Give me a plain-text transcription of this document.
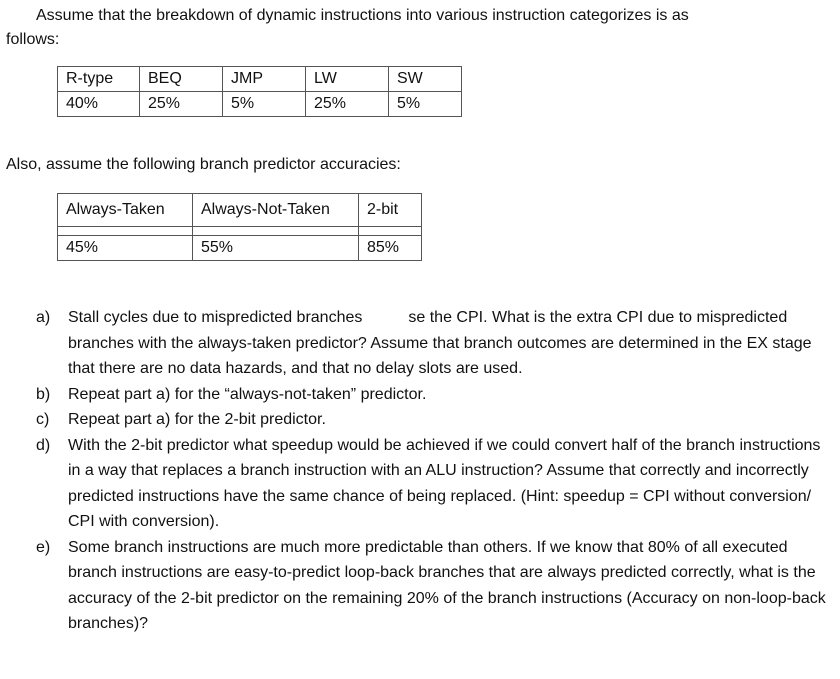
Assume that the breakdown of dynamic instructions into various instruction categorizes is as
follows:
R-type	BEQ	JMP	LW	SW
40%	25%	5%	25%	5%
Also, assume the following branch predictor accuracies:
Always-Taken	Always-Not-Taken	2-bit

45%	55%	85%
a)	Stall cycles due to mispredicted branches	se the CPI. What is the extra CPI due to mispredicted branches with the always-taken predictor? Assume that branch outcomes are determined in the EX stage that there are no data hazards, and that no delay slots are used.
b)	Repeat part a) for the “always-not-taken” predictor.
c)	Repeat part a) for the 2-bit predictor.
d)	With the 2-bit predictor what speedup would be achieved if we could convert half of the branch instructions in a way that replaces a branch instruction with an ALU instruction? Assume that correctly and incorrectly predicted instructions have the same chance of being replaced. (Hint: speedup = CPI without conversion/ CPI with conversion).
e)	Some branch instructions are much more predictable than others. If we know that 80% of all executed branch instructions are easy-to-predict loop-back branches that are always predicted correctly, what is the accuracy of the 2-bit predictor on the remaining 20% of the branch instructions (Accuracy on non-loop-back branches)?
